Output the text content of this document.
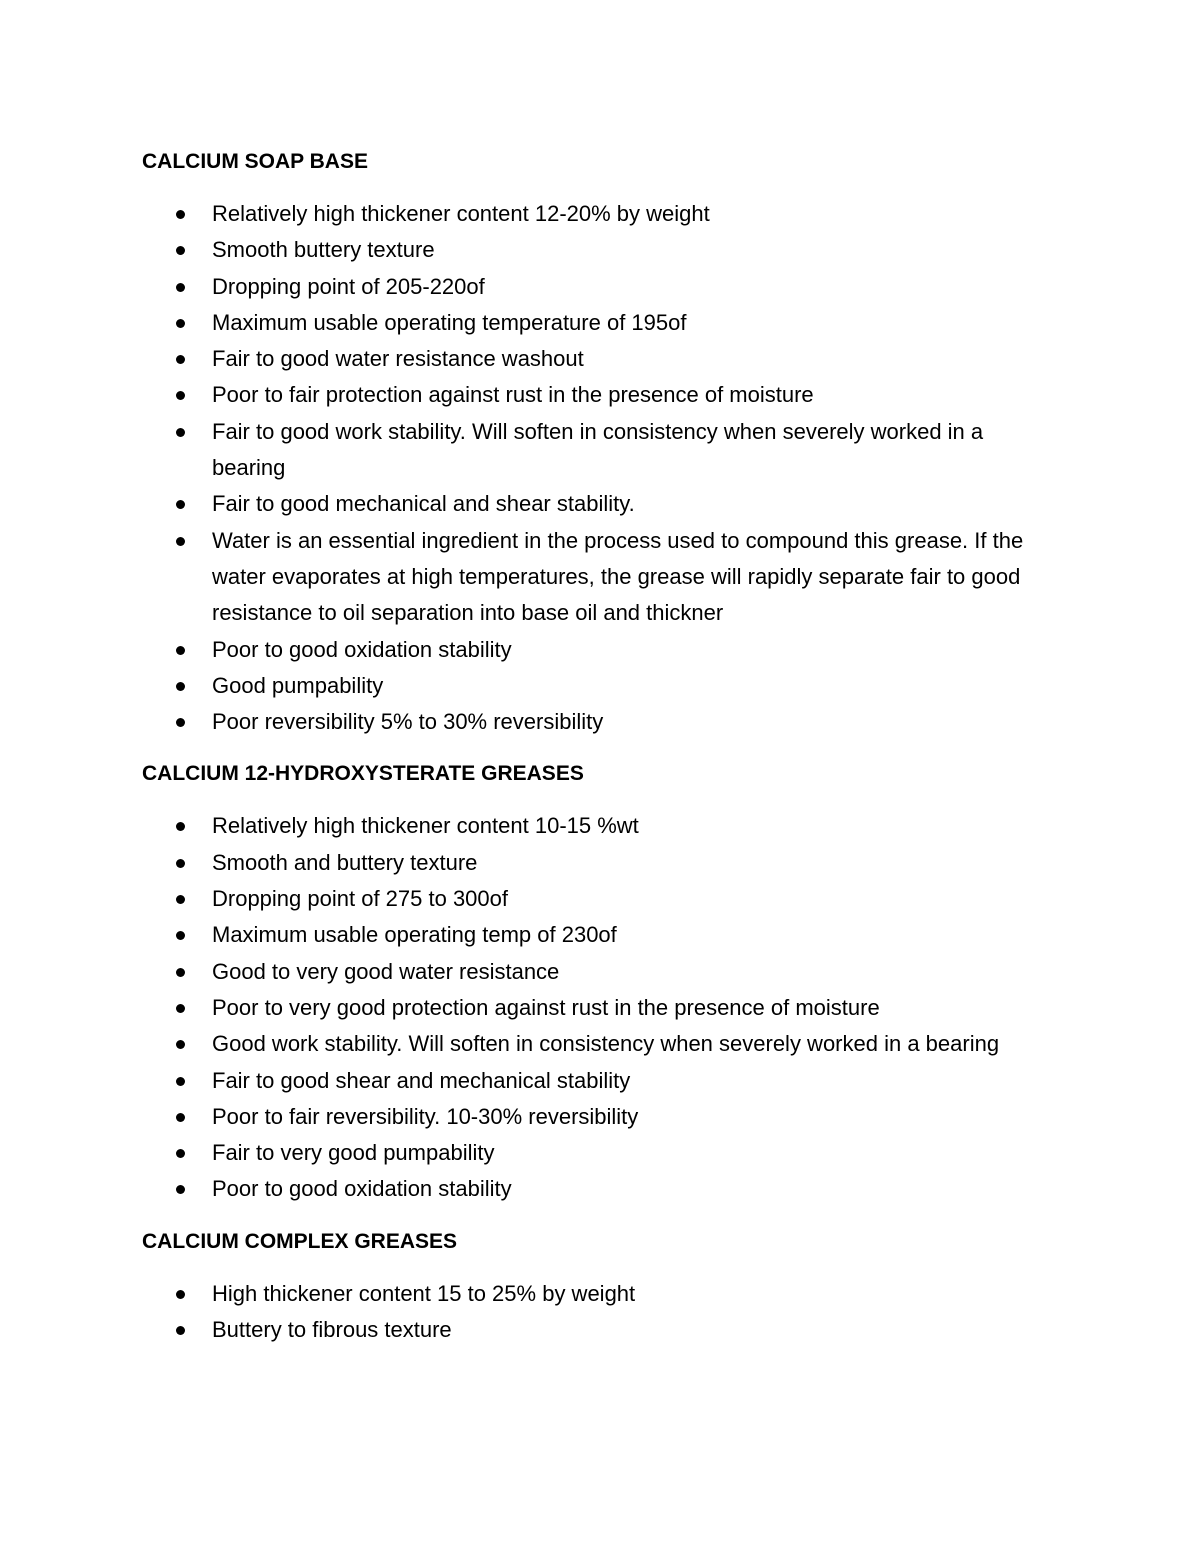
CALCIUM SOAP BASE
Relatively high thickener content 12-20% by weight
Smooth buttery texture
Dropping point of 205-220of
Maximum usable operating temperature of 195of
Fair to good water resistance washout
Poor to fair protection against rust in the presence of moisture
Fair to good work stability. Will soften in consistency when severely worked in a bearing
Fair to good mechanical and shear stability.
Water is an essential ingredient in the process used to compound this grease. If the water evaporates at high temperatures, the grease will rapidly separate fair to good resistance to oil separation into base oil and thickner
Poor to good oxidation stability
Good pumpability
Poor reversibility 5% to 30% reversibility
CALCIUM 12-HYDROXYSTERATE GREASES
Relatively high thickener content 10-15 %wt
Smooth and buttery texture
Dropping point of 275 to 300of
Maximum usable operating temp of 230of
Good to very good water resistance
Poor to very good protection against rust in the presence of moisture
Good work stability. Will soften in consistency when severely worked in a bearing
Fair to good shear and mechanical stability
Poor to fair reversibility. 10-30% reversibility
Fair to very good pumpability
Poor to good oxidation stability
CALCIUM COMPLEX GREASES
High thickener content 15 to 25% by weight
Buttery to fibrous texture
